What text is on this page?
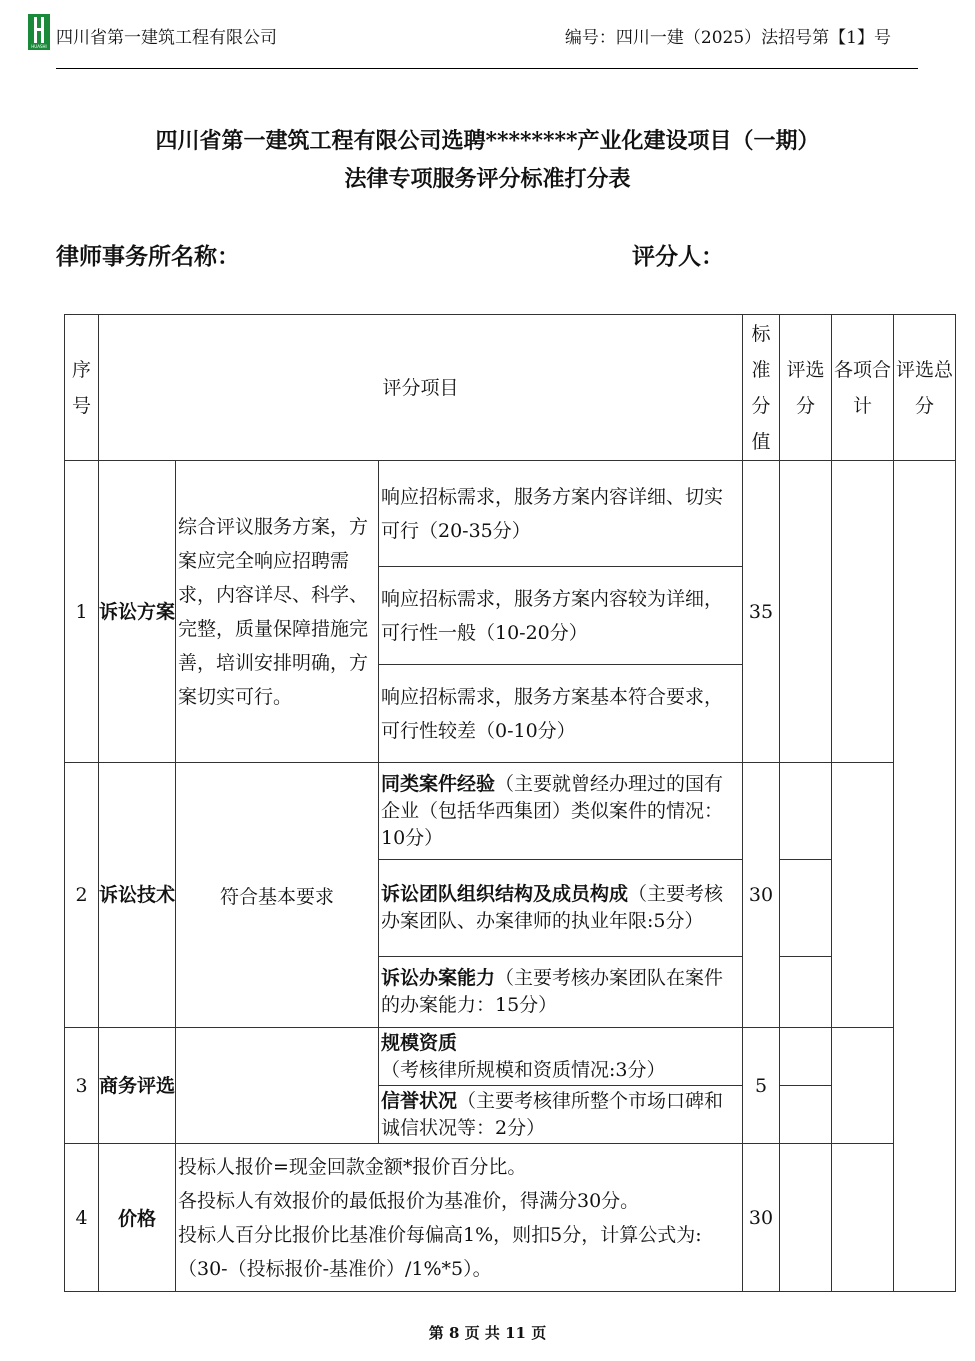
HUASHI 四川省第一建筑工程有限公司	编号：四川一建（2025）法招号第【1】号
四川省第一建筑工程有限公司选聘********产业化建设项目（一期）
法律专项服务评分标准打分表
律师事务所名称：	评分人：
序号	评分项目			标准分值	评选分	各项合计	评选总分
1	诉讼方案	综合评议服务方案，方案应完全响应招聘需求，内容详尽、科学、完整，质量保障措施完善，培训安排明确，方案切实可行。	响应招标需求，服务方案内容详细、切实可行（20-35分）	35			
			响应招标需求，服务方案内容较为详细，可行性一般（10-20分）				
			响应招标需求，服务方案基本符合要求，可行性较差（0-10分）				
2	诉讼技术	符合基本要求	同类案件经验（主要就曾经办理过的国有企业（包括华西集团）类似案件的情况：10分）	30			
			诉讼团队组织结构及成员构成（主要考核办案团队、办案律师的执业年限:5分）				
			诉讼办案能力（主要考核办案团队在案件的办案能力：15分）				
3	商务评选		规模资质（考核律所规模和资质情况:3分）	5			
			信誉状况（主要考核律所整个市场口碑和诚信状况等：2分）				
4	价格	投标人报价=现金回款金额*报价百分比。
各投标人有效报价的最低报价为基准价，得满分30分。
投标人百分比报价比基准价每偏高1%，则扣5分，计算公式为:（30-（投标报价-基准价）/1%*5）。		30			
第 8 页 共 11 页
